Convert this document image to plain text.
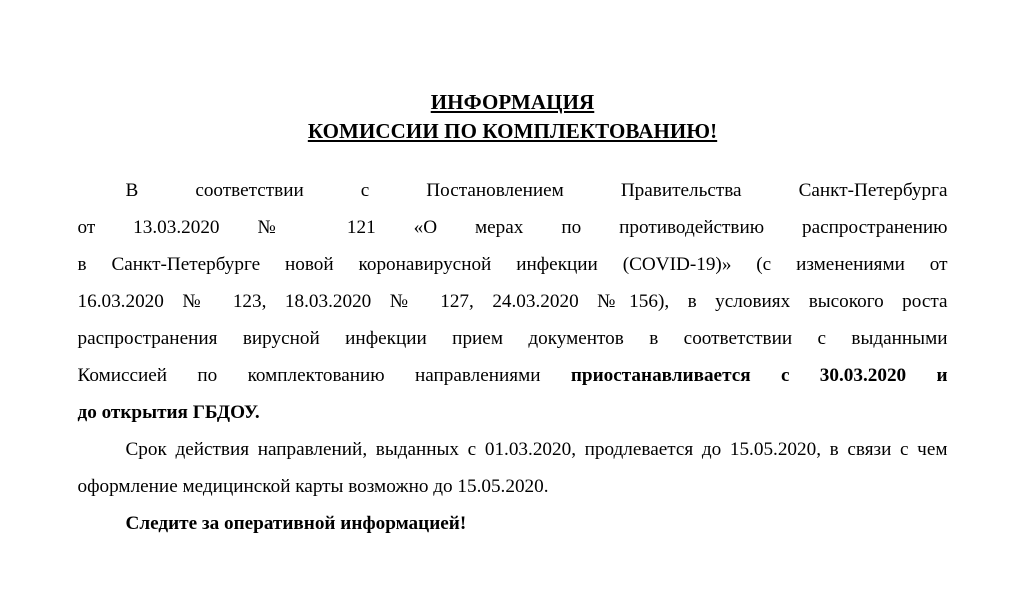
ИНФОРМАЦИЯ
КОМИССИИ ПО КОМПЛЕКТОВАНИЮ!

В соответствии с Постановлением Правительства Санкт-Петербурга
от 13.03.2020 № 121 «О мерах по противодействию распространению
в Санкт-Петербурге новой коронавирусной инфекции (COVID-19)» (с изменениями от
16.03.2020 № 123, 18.03.2020 № 127, 24.03.2020 №156), в условиях высокого роста
распространения вирусной инфекции прием документов в соответствии с выданными
Комиссией по комплектованию направлениями приостанавливается с 30.03.2020 и
до открытия ГБДОУ.

Срок действия направлений, выданных с 01.03.2020, продлевается до 15.05.2020, в связи с чем оформление медицинской карты возможно до 15.05.2020.

Следите за оперативной информацией!
